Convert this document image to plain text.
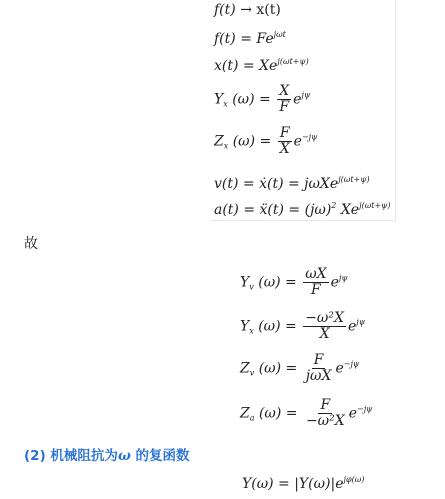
f(t) → x(t)
$f(t) = Fe^{j\omega t}$
$x(t) = Xe^{j(\omega t+\psi)}$
$Y_x$ $(\omega) = \frac{X}{F} e^{j\psi}$
$Z_x$ $(\omega) = \frac{F}{X} e^{-j\psi}$
v(t) = ẋ(t) = jωXe$^{j(\omega t+\psi)}$
a(t) = ẍ(t) = $(j\omega)^2$ $Xe^{j(\omega t+\psi)}$
故
$Y_v$ $(\omega) = \frac{\omega X}{F} e^{j\psi}$
$Y_x$ $(\omega) = \frac{\text{−ω²X}}{X} e^{j\psi}$
$Z_v$ $(\omega) = \frac{F}{\text{jωX}} e^{-j\psi}$
$Z_a$ $(\omega) = \frac{F}{\text{−ω²X}} e^{-j\psi}$
(2) 机械阻抗为ω 的复函数
$Y(\omega) = |Y(\omega)|e^{j\varphi(\omega)}$
